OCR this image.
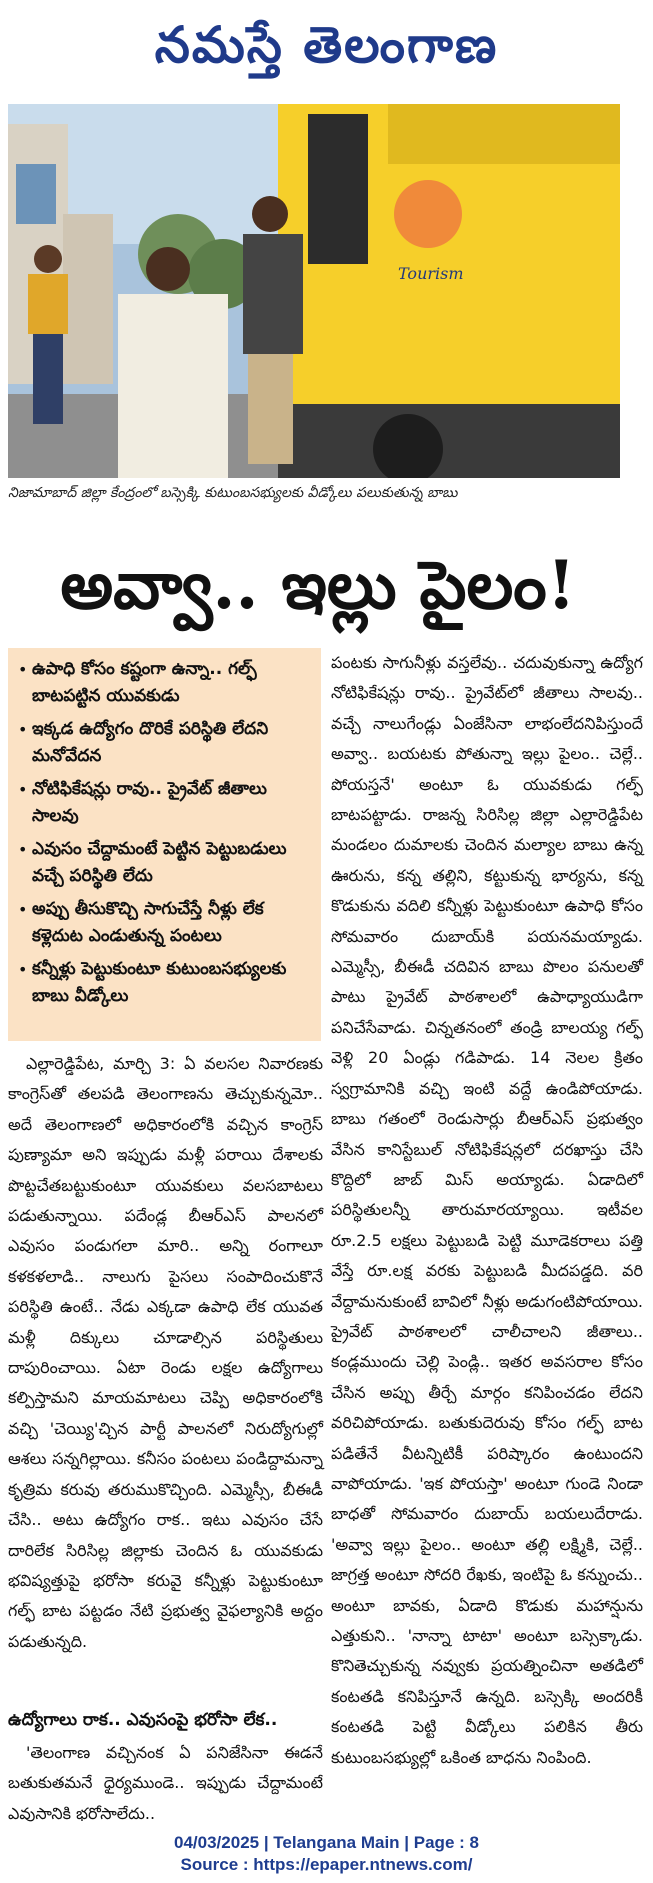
నమస్తే తెలంగాణ
Tourism
నిజామాబాద్ జిల్లా కేంద్రంలో బస్సెక్కి కుటుంబసభ్యులకు వీడ్కోలు పలుకుతున్న బాబు
అవ్వా.. ఇల్లు పైలం!
• ఉపాధి కోసం కష్టంగా ఉన్నా.. గల్ఫ్ బాటపట్టిన యువకుడు
• ఇక్కడ ఉద్యోగం దొరికే పరిస్థితి లేదని మనోవేదన
• నోటిఫికేషన్లు రావు.. ప్రైవేట్ జీతాలు సాలవు
• ఎవుసం చేద్దామంటే పెట్టిన పెట్టుబడులు వచ్చే పరిస్థితి లేదు
• అప్పు తీసుకొచ్చి సాగుచేస్తే నీళ్లు లేక కళ్లెదుట ఎండుతున్న పంటలు
• కన్నీళ్లు పెట్టుకుంటూ కుటుంబసభ్యులకు బాబు వీడ్కోలు

ఎల్లారెడ్డిపేట, మార్చి 3: ఏ వలసల నివారణకు కాంగ్రెస్‌తో తలపడి తెలంగాణను తెచ్చుకున్నమో.. అదే తెలంగాణలో అధికారంలోకి వచ్చిన కాంగ్రెస్ పుణ్యామా అని ఇప్పుడు మళ్లీ పరాయి దేశాలకు పొట్టచేతబట్టుకుంటూ యువకులు వలసబాటలు పడుతున్నాయి. పదేండ్ల బీఆర్‌ఎస్ పాలనలో ఎవుసం పండుగలా మారి.. అన్ని రంగాలూ కళకళలాడి.. నాలుగు పైసలు సంపాదించుకొనే పరిస్థితి ఉంటే.. నేడు ఎక్కడా ఉపాధి లేక యువత మళ్లీ దిక్కులు చూడాల్సిన పరిస్థితులు దాపురించాయి. ఏటా రెండు లక్షల ఉద్యోగాలు కల్పిస్తామని మాయమాటలు చెప్పి అధికారంలోకి వచ్చి 'చెయ్యి'చ్చిన పార్టీ పాలనలో నిరుద్యోగుల్లో ఆశలు సన్నగిల్లాయి. కనీసం పంటలు పండిద్దామన్నా కృత్రిమ కరువు తరుముకొచ్చింది. ఎమ్మెస్సీ, బీఈడీ చేసి.. అటు ఉద్యోగం రాక.. ఇటు ఎవుసం చేసే దారిలేక సిరిసిల్ల జిల్లాకు చెందిన ఓ యువకుడు భవిష్యత్తుపై భరోసా కరువై కన్నీళ్లు పెట్టుకుంటూ గల్ఫ్ బాట పట్టడం నేటి ప్రభుత్వ వైఫల్యానికి అద్దం పడుతున్నది.

ఉద్యోగాలు రాక.. ఎవుసంపై భరోసా లేక..

'తెలంగాణ వచ్చినంక ఏ పనిజేసినా ఈడనే బతుకుతమనే ధైర్యముండె.. ఇప్పుడు చేద్దామంటే ఎవుసానికి భరోసాలేదు..

పంటకు సాగునీళ్లు వస్తలేవు.. చదువుకున్నా ఉద్యోగ నోటిఫికేషన్లు రావు.. ప్రైవేట్‌లో జీతాలు సాలవు.. వచ్చే నాలుగేండ్లు ఏంజేసినా లాభంలేదనిపిస్తుందే అవ్వా.. బయటకు పోతున్నా ఇల్లు పైలం.. చెల్లే.. పోయస్తనే' అంటూ ఓ యువకుడు గల్ఫ్ బాటపట్టాడు. రాజన్న సిరిసిల్ల జిల్లా ఎల్లారెడ్డిపేట మండలం దుమాలకు చెందిన మల్యాల బాబు ఉన్న ఊరును, కన్న తల్లిని, కట్టుకున్న భార్యను, కన్న కొడుకును వదిలి కన్నీళ్లు పెట్టుకుంటూ ఉపాధి కోసం సోమవారం దుబాయ్‌కి పయనమయ్యాడు. ఎమ్మెస్సీ, బీఈడీ చదివిన బాబు పొలం పనులతో పాటు ప్రైవేట్ పాఠశాలలో ఉపాధ్యాయుడిగా పనిచేసేవాడు. చిన్నతనంలో తండ్రి బాలయ్య గల్ఫ్ వెళ్లి 20 ఏండ్లు గడిపాడు. 14 నెలల క్రితం స్వగ్రామానికి వచ్చి ఇంటి వద్దే ఉండిపోయాడు. బాబు గతంలో రెండుసార్లు బీఆర్‌ఎస్ ప్రభుత్వం వేసిన కానిస్టేబుల్ నోటిఫికేషన్లలో దరఖాస్తు చేసి కొద్దిలో జాబ్ మిస్ అయ్యాడు. ఏడాదిలో పరిస్థితులన్నీ తారుమారయ్యాయి. ఇటీవల రూ.2.5 లక్షలు పెట్టుబడి పెట్టి మూడెకరాలు పత్తి వేస్తే రూ.లక్ష వరకు పెట్టుబడి మీదపడ్డది. వరి వేద్దామనుకుంటే బావిలో నీళ్లు అడుగంటిపోయాయి. ప్రైవేట్ పాఠశాలలో చాలీచాలని జీతాలు.. కండ్లముందు చెల్లి పెండ్లి.. ఇతర అవసరాల కోసం చేసిన అప్పు తీర్చే మార్గం కనిపించడం లేదని వరిచిపోయాడు. బతుకుదెరువు కోసం గల్ఫ్ బాట పడితేనే వీటన్నిటికీ పరిష్కారం ఉంటుందని వాపోయాడు. 'ఇక పోయస్తా' అంటూ గుండె నిండా బాధతో సోమవారం దుబాయ్ బయలుదేరాడు. 'అవ్వా ఇల్లు పైలం.. అంటూ తల్లి లక్ష్మికి, చెల్లే.. జాగ్రత్త అంటూ సోదరి రేఖకు, ఇంటిపై ఓ కన్నుంచు.. అంటూ బావకు, ఏడాది కొడుకు మహాన్షును ఎత్తుకుని.. 'నాన్నా టాటా' అంటూ బస్సెక్కాడు. కొనితెచ్చుకున్న నవ్వుకు ప్రయత్నించినా అతడిలో కంటతడి కనిపిస్తూనే ఉన్నది. బస్సెక్కి అందరికీ కంటతడి పెట్టి వీడ్కోలు పలికిన తీరు కుటుంబసభ్యుల్లో ఒకింత బాధను నింపింది.

04/03/2025 | Telangana Main | Page : 8
Source : https://epaper.ntnews.com/
